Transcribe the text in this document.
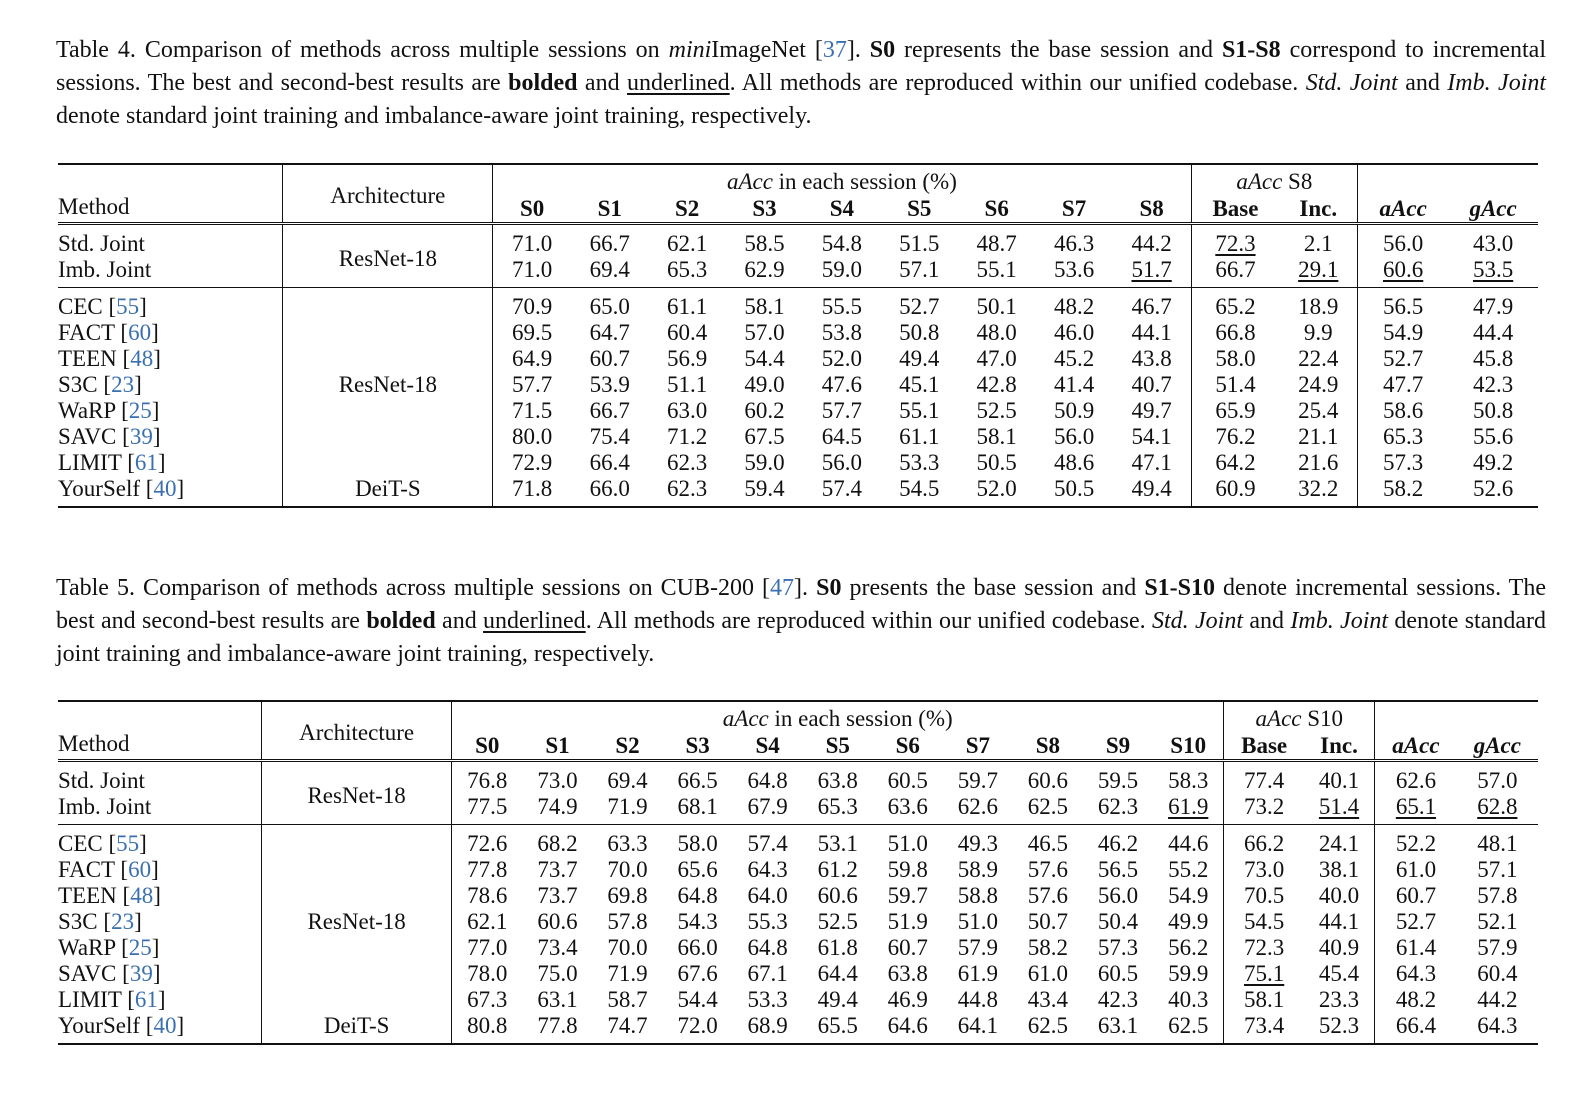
Table 4. Comparison of methods across multiple sessions on miniImageNet [37]. S0 represents the base session and S1-S8 correspond to incremental sessions. The best and second-best results are bolded and underlined. All methods are reproduced within our unified codebase. Std. Joint and Imb. Joint denote standard joint training and imbalance-aware joint training, respectively.
Method	Architecture	aAcc in each session (%)									aAcc S8			
		S0	S1	S2	S3	S4	S5	S6	S7	S8	Base	Inc.	aAcc	gAcc
Std. Joint	ResNet-18	71.0	66.7	62.1	58.5	54.8	51.5	48.7	46.3	44.2	72.3	2.1	56.0	43.0
Imb. Joint		71.0	69.4	65.3	62.9	59.0	57.1	55.1	53.6	51.7	66.7	29.1	60.6	53.5
CEC [55]	ResNet-18	70.9	65.0	61.1	58.1	55.5	52.7	50.1	48.2	46.7	65.2	18.9	56.5	47.9
FACT [60]		69.5	64.7	60.4	57.0	53.8	50.8	48.0	46.0	44.1	66.8	9.9	54.9	44.4
TEEN [48]		64.9	60.7	56.9	54.4	52.0	49.4	47.0	45.2	43.8	58.0	22.4	52.7	45.8
S3C [23]		57.7	53.9	51.1	49.0	47.6	45.1	42.8	41.4	40.7	51.4	24.9	47.7	42.3
WaRP [25]		71.5	66.7	63.0	60.2	57.7	55.1	52.5	50.9	49.7	65.9	25.4	58.6	50.8
SAVC [39]		80.0	75.4	71.2	67.5	64.5	61.1	58.1	56.0	54.1	76.2	21.1	65.3	55.6
LIMIT [61]		72.9	66.4	62.3	59.0	56.0	53.3	50.5	48.6	47.1	64.2	21.6	57.3	49.2
YourSelf [40]	DeiT-S	71.8	66.0	62.3	59.4	57.4	54.5	52.0	50.5	49.4	60.9	32.2	58.2	52.6
Table 5. Comparison of methods across multiple sessions on CUB-200 [47]. S0 presents the base session and S1-S10 denote incremental sessions. The best and second-best results are bolded and underlined. All methods are reproduced within our unified codebase. Std. Joint and Imb. Joint denote standard joint training and imbalance-aware joint training, respectively.
Method	Architecture	aAcc in each session (%)											aAcc S10			
		S0	S1	S2	S3	S4	S5	S6	S7	S8	S9	S10	Base	Inc.	aAcc	gAcc
Std. Joint	ResNet-18	76.8	73.0	69.4	66.5	64.8	63.8	60.5	59.7	60.6	59.5	58.3	77.4	40.1	62.6	57.0
Imb. Joint		77.5	74.9	71.9	68.1	67.9	65.3	63.6	62.6	62.5	62.3	61.9	73.2	51.4	65.1	62.8
CEC [55]	ResNet-18	72.6	68.2	63.3	58.0	57.4	53.1	51.0	49.3	46.5	46.2	44.6	66.2	24.1	52.2	48.1
FACT [60]		77.8	73.7	70.0	65.6	64.3	61.2	59.8	58.9	57.6	56.5	55.2	73.0	38.1	61.0	57.1
TEEN [48]		78.6	73.7	69.8	64.8	64.0	60.6	59.7	58.8	57.6	56.0	54.9	70.5	40.0	60.7	57.8
S3C [23]		62.1	60.6	57.8	54.3	55.3	52.5	51.9	51.0	50.7	50.4	49.9	54.5	44.1	52.7	52.1
WaRP [25]		77.0	73.4	70.0	66.0	64.8	61.8	60.7	57.9	58.2	57.3	56.2	72.3	40.9	61.4	57.9
SAVC [39]		78.0	75.0	71.9	67.6	67.1	64.4	63.8	61.9	61.0	60.5	59.9	75.1	45.4	64.3	60.4
LIMIT [61]		67.3	63.1	58.7	54.4	53.3	49.4	46.9	44.8	43.4	42.3	40.3	58.1	23.3	48.2	44.2
YourSelf [40]	DeiT-S	80.8	77.8	74.7	72.0	68.9	65.5	64.6	64.1	62.5	63.1	62.5	73.4	52.3	66.4	64.3
